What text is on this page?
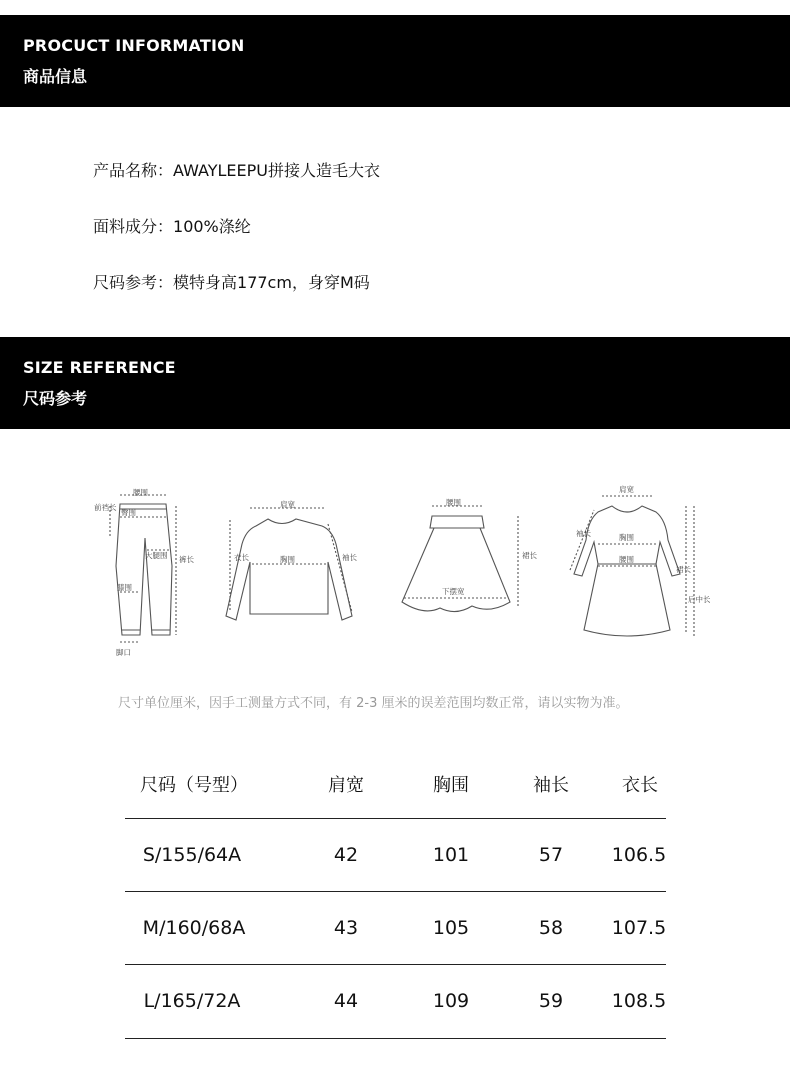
PROCUCT INFORMATION
商品信息
产品名称：AWAYLEEPU拼接人造毛大衣
面料成分：100%涤纶
尺码参考：模特身高177cm，身穿M码
SIZE REFERENCE
尺码参考
腰围
前裆长
臀围
大腿围 裤长
膝围
脚口
肩宽
衣长	胸围	袖长
腰围
裙长
下摆宽
肩宽
袖长	胸围
腰围
裙长
后中长
尺寸单位厘米，因手工测量方式不同，有 2-3 厘米的误差范围均数正常，请以实物为准。
尺码（号型）	肩宽	胸围	袖长	衣长
S/155/64A	42	101	57	106.5
M/160/68A	43	105	58	107.5
L/165/72A	44	109	59	108.5
